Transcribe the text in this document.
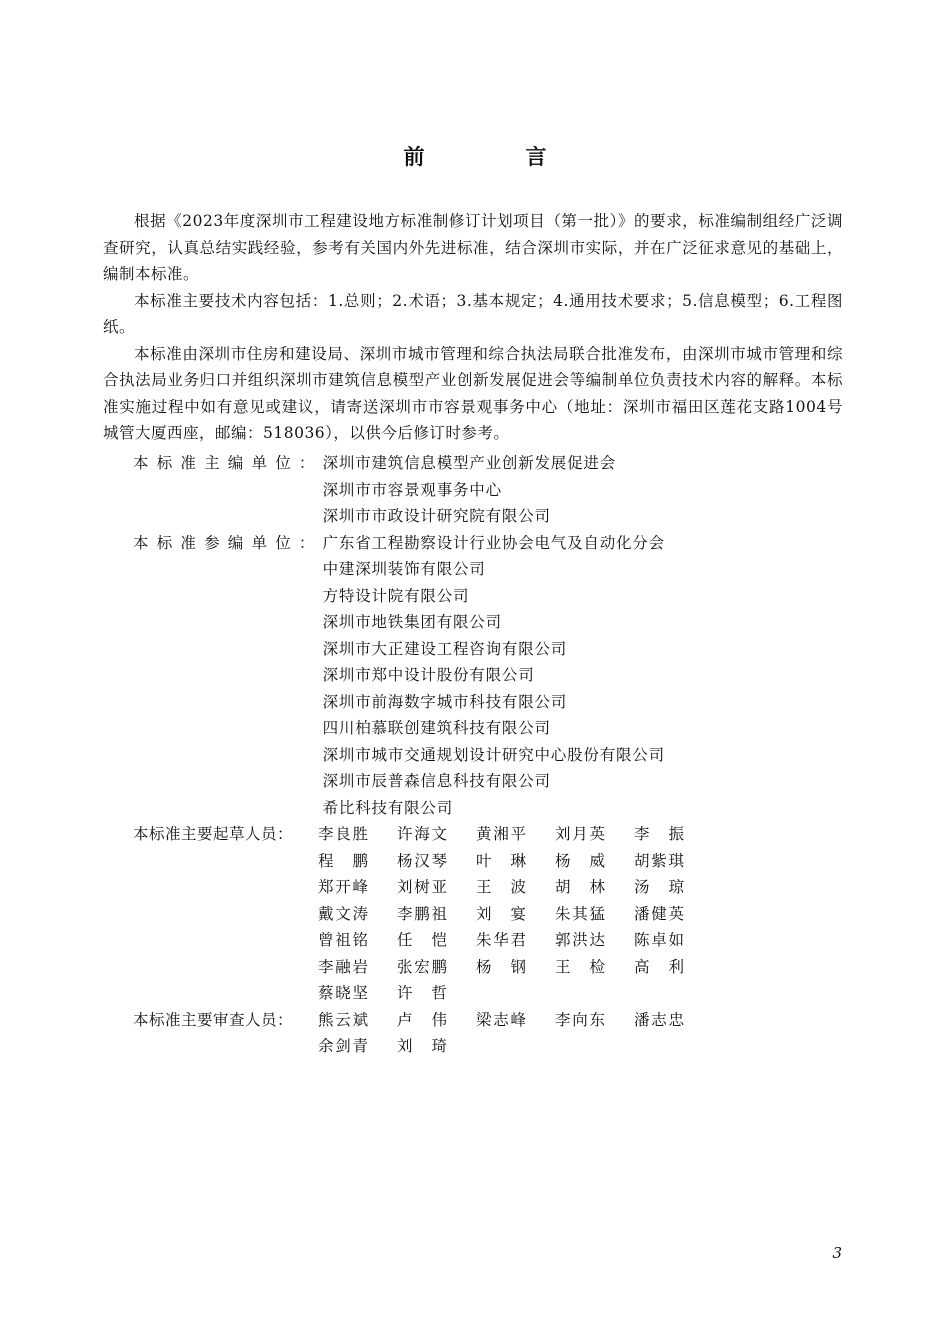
前　言

根据《2023年度深圳市工程建设地方标准制修订计划项目（第一批）》的要求，标准编制组经广泛调查研究，认真总结实践经验，参考有关国内外先进标准，结合深圳市实际，并在广泛征求意见的基础上，编制本标准。

本标准主要技术内容包括：1.总则；2.术语；3.基本规定；4.通用技术要求；5.信息模型；6.工程图纸。

本标准由深圳市住房和建设局、深圳市城市管理和综合执法局联合批准发布，由深圳市城市管理和综合执法局业务归口并组织深圳市建筑信息模型产业创新发展促进会等编制单位负责技术内容的解释。本标准实施过程中如有意见或建议，请寄送深圳市市容景观事务中心（地址：深圳市福田区莲花支路1004号城管大厦西座，邮编：518036），以供今后修订时参考。

本标准主编单位： 深圳市建筑信息模型产业创新发展促进会
深圳市市容景观事务中心
深圳市市政设计研究院有限公司
本标准参编单位： 广东省工程勘察设计行业协会电气及自动化分会
中建深圳装饰有限公司
方特设计院有限公司
深圳市地铁集团有限公司
深圳市大正建设工程咨询有限公司
深圳市郑中设计股份有限公司
深圳市前海数字城市科技有限公司
四川柏慕联创建筑科技有限公司
深圳市城市交通规划设计研究中心股份有限公司
深圳市辰普森信息科技有限公司
希比科技有限公司
本标准主要起草人员：	李良胜 许海文 黄湘平 刘月英 李振
程鹏 杨汉琴 叶琳 杨威 胡紫琪
郑开峰 刘树亚 王波 胡林 汤琼
戴文涛 李鹏祖 刘宴 朱其猛 潘健英
曾祖铭 任恺 朱华君 郭洪达 陈卓如
李融岩 张宏鹏 杨钢 王检 高利
蔡晓坚 许哲
本标准主要审查人员：	熊云斌 卢伟 梁志峰 李向东 潘志忠
余剑青 刘琦
3
